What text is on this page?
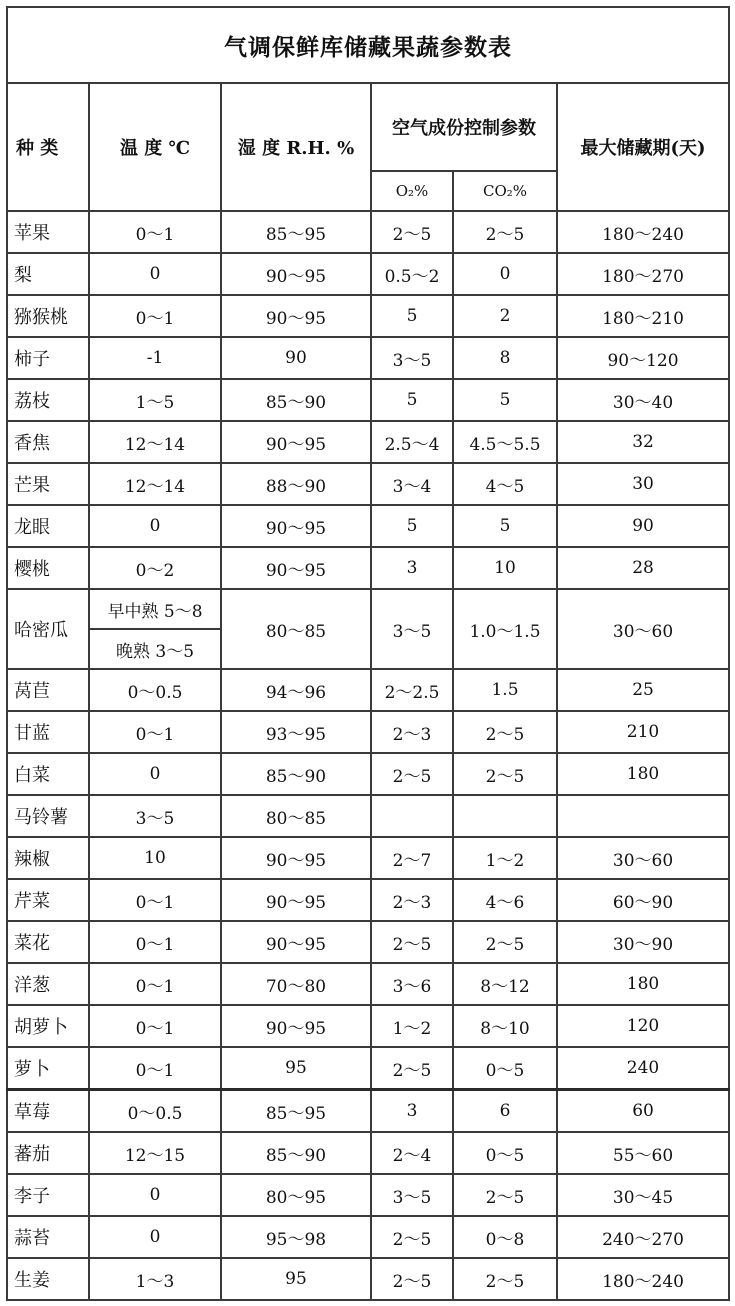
气调保鲜库储藏果蔬参数表					
种 类	温 度 ℃	湿 度 R.H. %	空气成份控制参数		最大储藏期(天)
			O₂%	CO₂%	
苹果	0～1	85～95	2～5	2～5	180～240
梨	0	90～95	0.5～2	0	180～270
猕猴桃	0～1	90～95	5	2	180～210
柿子	-1	90	3～5	8	90～120
荔枝	1～5	85～90	5	5	30～40
香焦	12～14	90～95	2.5～4	4.5～5.5	32
芒果	12～14	88～90	3～4	4～5	30
龙眼	0	90～95	5	5	90
樱桃	0～2	90～95	3	10	28
哈密瓜	早中熟 5～8	80～85	3～5	1.0～1.5	30～60
	晚熟 3～5				
莴苣	0～0.5	94～96	2～2.5	1.5	25
甘蓝	0～1	93～95	2～3	2～5	210
白菜	0	85～90	2～5	2～5	180
马铃薯	3～5	80～85			
辣椒	10	90～95	2～7	1～2	30～60
芹菜	0～1	90～95	2～3	4～6	60～90
菜花	0～1	90～95	2～5	2～5	30～90
洋葱	0～1	70～80	3～6	8～12	180
胡萝卜	0～1	90～95	1～2	8～10	120
萝卜	0～1	95	2～5	0～5	240
草莓	0～0.5	85～95	3	6	60
蕃茄	12～15	85～90	2～4	0～5	55～60
李子	0	80～95	3～5	2～5	30～45
蒜苔	0	95～98	2～5	0～8	240～270
生姜	1～3	95	2～5	2～5	180～240
